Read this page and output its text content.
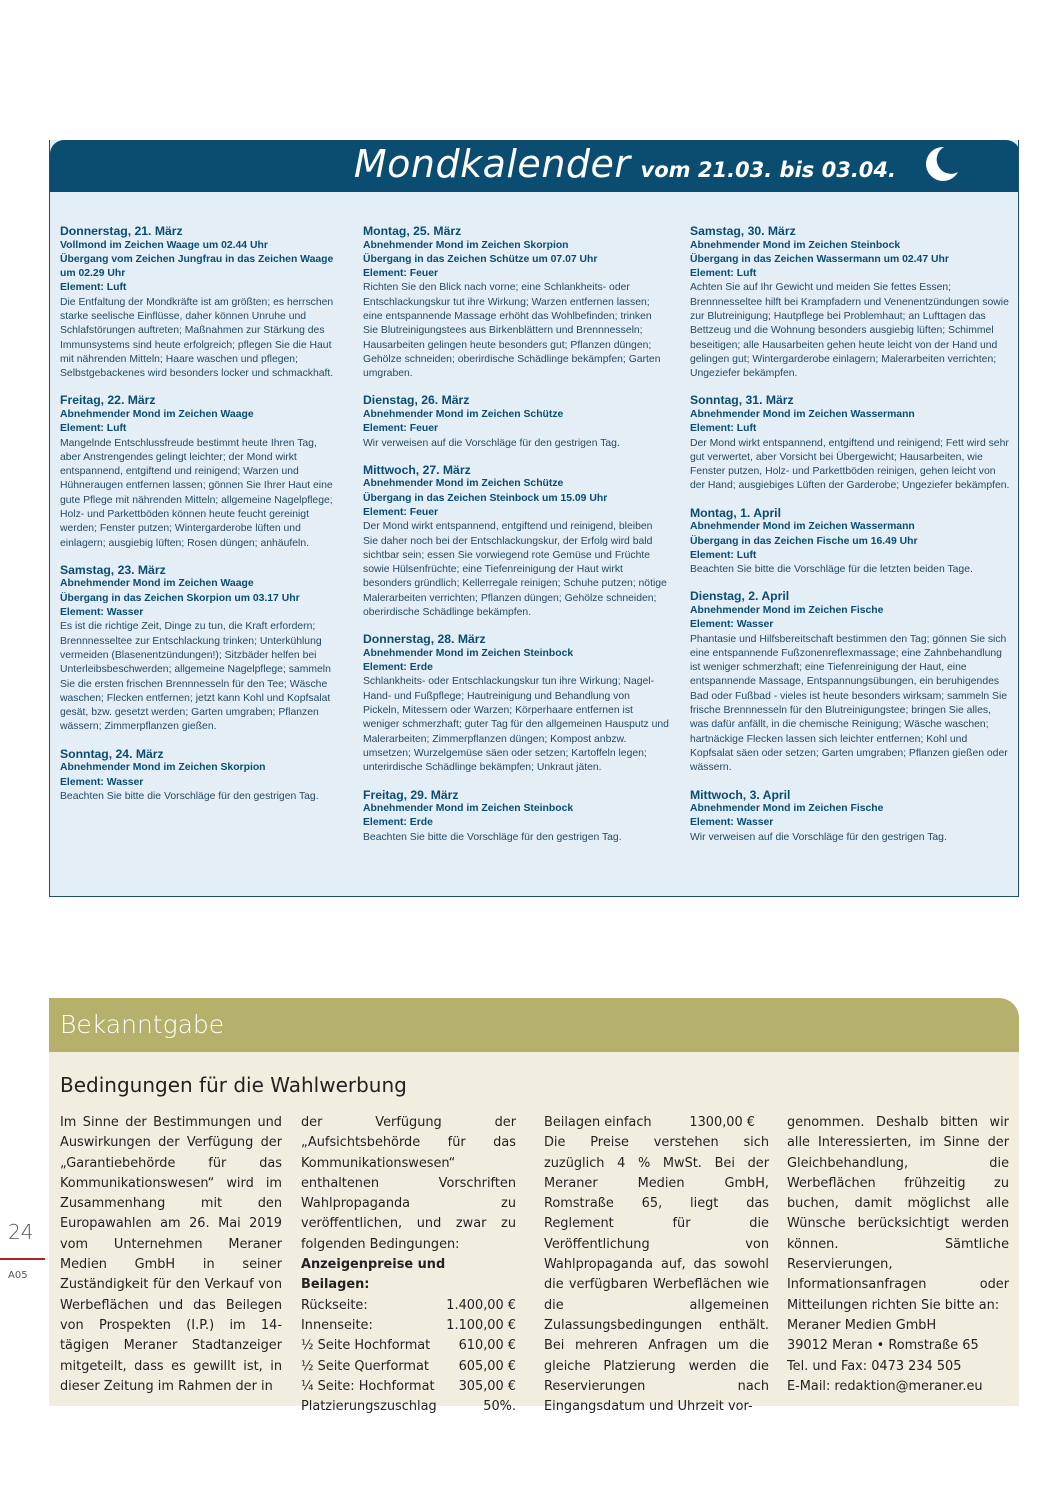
Mondkalender vom 21.03. bis 03.04.
Donnerstag, 21. März
Vollmond im Zeichen Waage um 02.44 Uhr
Übergang vom Zeichen Jungfrau in das Zeichen Waage um 02.29 Uhr
Element: Luft
Die Entfaltung der Mondkräfte ist am größten; es herrschen starke seelische Einflüsse, daher können Unruhe und Schlafstörungen auftreten; Maßnahmen zur Stärkung des Immunsystems sind heute erfolgreich; pflegen Sie die Haut mit nährenden Mitteln; Haare waschen und pflegen; Selbstgebackenes wird besonders locker und schmackhaft.
Freitag, 22. März
Abnehmender Mond im Zeichen Waage
Element: Luft
Mangelnde Entschlussfreude bestimmt heute Ihren Tag, aber Anstrengendes gelingt leichter; der Mond wirkt entspannend, entgiftend und reinigend; Warzen und Hühneraugen entfernen lassen; gönnen Sie Ihrer Haut eine gute Pflege mit nährenden Mitteln; allgemeine Nagelpflege; Holz- und Parkettböden können heute feucht gereinigt werden; Fenster putzen; Wintergarderobe lüften und einlagern; ausgiebig lüften; Rosen düngen; anhäufeln.
Samstag, 23. März
Abnehmender Mond im Zeichen Waage
Übergang in das Zeichen Skorpion um 03.17 Uhr
Element: Wasser
Es ist die richtige Zeit, Dinge zu tun, die Kraft erfordern; Brennnesseltee zur Entschlackung trinken; Unterkühlung vermeiden (Blasenentzündungen!); Sitzbäder helfen bei Unterleibsbeschwerden; allgemeine Nagelpflege; sammeln Sie die ersten frischen Brennnesseln für den Tee; Wäsche waschen; Flecken entfernen; jetzt kann Kohl und Kopfsalat gesät, bzw. gesetzt werden; Garten umgraben; Pflanzen wässern; Zimmerpflanzen gießen.
Sonntag, 24. März
Abnehmender Mond im Zeichen Skorpion
Element: Wasser
Beachten Sie bitte die Vorschläge für den gestrigen Tag.
Montag, 25. März
Abnehmender Mond im Zeichen Skorpion
Übergang in das Zeichen Schütze um 07.07 Uhr
Element: Feuer
Richten Sie den Blick nach vorne; eine Schlankheits- oder Entschlackungskur tut ihre Wirkung; Warzen entfernen lassen; eine entspannende Massage erhöht das Wohlbefinden; trinken Sie Blutreinigungstees aus Birkenblättern und Brennnesseln; Hausarbeiten gelingen heute besonders gut; Pflanzen düngen; Gehölze schneiden; oberirdische Schädlinge bekämpfen; Garten umgraben.
Dienstag, 26. März
Abnehmender Mond im Zeichen Schütze
Element: Feuer
Wir verweisen auf die Vorschläge für den gestrigen Tag.
Mittwoch, 27. März
Abnehmender Mond im Zeichen Schütze
Übergang in das Zeichen Steinbock um 15.09 Uhr
Element: Feuer
Der Mond wirkt entspannend, entgiftend und reinigend, bleiben Sie daher noch bei der Entschlackungskur, der Erfolg wird bald sichtbar sein; essen Sie vorwiegend rote Gemüse und Früchte sowie Hülsenfrüchte; eine Tiefenreinigung der Haut wirkt besonders gründlich; Kellerregale reinigen; Schuhe putzen; nötige Malerarbeiten verrichten; Pflanzen düngen; Gehölze schneiden; oberirdische Schädlinge bekämpfen.
Donnerstag, 28. März
Abnehmender Mond im Zeichen Steinbock
Element: Erde
Schlankheits- oder Entschlackungskur tun ihre Wirkung; Nagel- Hand- und Fußpflege; Hautreinigung und Behandlung von Pickeln, Mitessern oder Warzen; Körperhaare entfernen ist weniger schmerzhaft; guter Tag für den allgemeinen Hausputz und Malerarbeiten; Zimmerpflanzen düngen; Kompost anbzw. umsetzen; Wurzelgemüse säen oder setzen; Kartoffeln legen; unterirdische Schädlinge bekämpfen; Unkraut jäten.
Freitag, 29. März
Abnehmender Mond im Zeichen Steinbock
Element: Erde
Beachten Sie bitte die Vorschläge für den gestrigen Tag.
Samstag, 30. März
Abnehmender Mond im Zeichen Steinbock
Übergang in das Zeichen Wassermann um 02.47 Uhr
Element: Luft
Achten Sie auf Ihr Gewicht und meiden Sie fettes Essen; Brennnesseltee hilft bei Krampfadern und Venenentzündungen sowie zur Blutreinigung; Hautpflege bei Problemhaut; an Lufttagen das Bettzeug und die Wohnung besonders ausgiebig lüften; Schimmel beseitigen; alle Hausarbeiten gehen heute leicht von der Hand und gelingen gut; Wintergarderobe einlagern; Malerarbeiten verrichten; Ungeziefer bekämpfen.
Sonntag, 31. März
Abnehmender Mond im Zeichen Wassermann
Element: Luft
Der Mond wirkt entspannend, entgiftend und reinigend; Fett wird sehr gut verwertet, aber Vorsicht bei Übergewicht; Hausarbeiten, wie Fenster putzen, Holz- und Parkettböden reinigen, gehen leicht von der Hand; ausgiebiges Lüften der Garderobe; Ungeziefer bekämpfen.
Montag, 1. April
Abnehmender Mond im Zeichen Wassermann
Übergang in das Zeichen Fische um 16.49 Uhr
Element: Luft
Beachten Sie bitte die Vorschläge für die letzten beiden Tage.
Dienstag, 2. April
Abnehmender Mond im Zeichen Fische
Element: Wasser
Phantasie und Hilfsbereitschaft bestimmen den Tag; gönnen Sie sich eine entspannende Fußzonenreflexmassage; eine Zahnbehandlung ist weniger schmerzhaft; eine Tiefenreinigung der Haut, eine entspannende Massage, Entspannungsübungen, ein beruhigendes Bad oder Fußbad - vieles ist heute besonders wirksam; sammeln Sie frische Brennnesseln für den Blutreinigungstee; bringen Sie alles, was dafür anfällt, in die chemische Reinigung; Wäsche waschen; hartnäckige Flecken lassen sich leichter entfernen; Kohl und Kopfsalat säen oder setzen; Garten umgraben; Pflanzen gießen oder wässern.
Mittwoch, 3. April
Abnehmender Mond im Zeichen Fische
Element: Wasser
Wir verweisen auf die Vorschläge für den gestrigen Tag.
Bekanntgabe
Bedingungen für die Wahlwerbung

Im Sinne der Bestimmungen und Auswirkungen der Verfügung der „Garantiebehörde für das Kommunikationswesen“ wird im Zusammenhang mit den Europawahlen am 26. Mai 2019 vom Unternehmen Meraner Medien GmbH in seiner Zuständigkeit für den Verkauf von Werbeflächen und das Beilegen von Prospekten (I.P.) im 14-tägigen Meraner Stadtanzeiger mitgeteilt, dass es gewillt ist, in dieser Zeitung im Rahmen der in

der Verfügung der „Aufsichtsbehörde für das Kommunikationswesen“ enthaltenen Vorschriften Wahlpropaganda zu veröffentlichen, und zwar zu folgenden Bedingungen:

Anzeigenpreise und Beilagen:

Rückseite:	1.400,00 €
Innenseite:	1.100,00 €
½ Seite Hochformat 610,00 €
½ Seite Querformat 605,00 €
¼ Seite: Hochformat 305,00 €
Platzierungszuschlag	50%.
Beilagen einfach	1300,00 €

Die Preise verstehen sich zuzüglich 4 % MwSt. Bei der Meraner Medien GmbH, Romstraße 65, liegt das Reglement für die Veröffentlichung von Wahlpropaganda auf, das sowohl die verfügbaren Werbeflächen wie die allgemeinen Zulassungsbedingungen enthält. Bei mehreren Anfragen um die gleiche Platzierung werden die Reservierungen nach Eingangsdatum und Uhrzeit vor-

genommen. Deshalb bitten wir alle Interessierten, im Sinne der Gleichbehandlung, die Werbeflächen frühzeitig zu buchen, damit möglichst alle Wünsche berücksichtigt werden können. Sämtliche Reservierungen, Informationsanfragen oder Mitteilungen richten Sie bitte an:

Meraner Medien GmbH

39012 Meran • Romstraße 65

Tel. und Fax: 0473 234 505

E-Mail: redaktion@meraner.eu

24
A05
